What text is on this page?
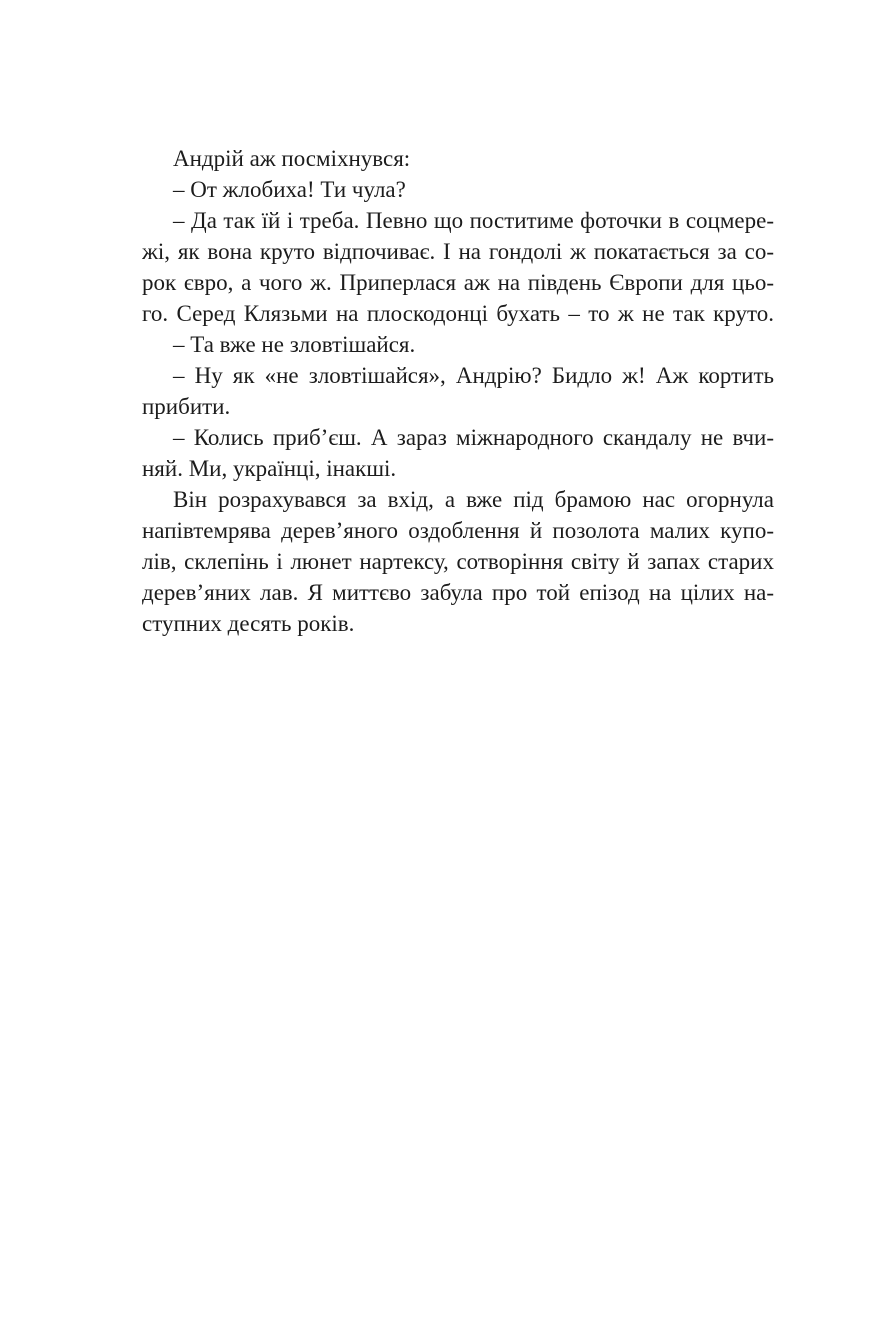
Андрій аж посміхнувся:
– От жлобиха! Ти чула?
– Да так їй і треба. Певно що поститиме фоточки в соцмере-
жі, як вона круто відпочиває. І на гондолі ж покатається за со-
рок євро, а чого ж. Приперлася аж на південь Європи для цьо-
го. Серед Клязьми на плоскодонці бухать – то ж не так круто.
– Та вже не зловтішайся.
– Ну як «не зловтішайся», Андрію? Бидло ж! Аж кортить
прибити.
– Колись приб’єш. А зараз міжнародного скандалу не вчи-
няй. Ми, українці, інакші.
Він розрахувався за вхід, а вже під брамою нас огорнула
напівтемрява дерев’яного оздоблення й позолота малих купо-
лів, склепінь і люнет нартексу, сотворіння світу й запах старих
дерев’яних лав. Я миттєво забула про той епізод на цілих на-
ступних десять років.
